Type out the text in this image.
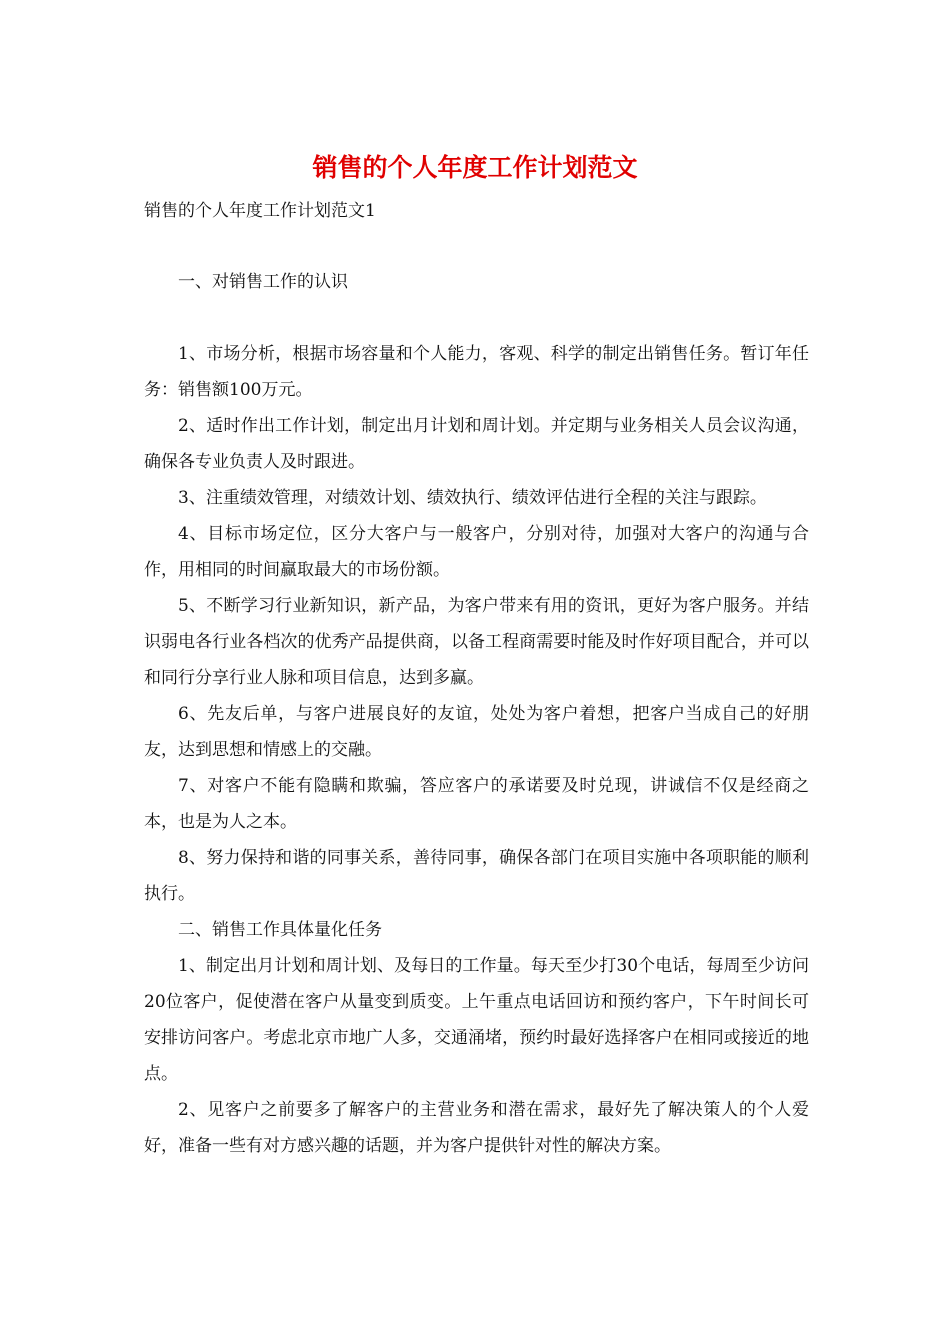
销售的个人年度工作计划范文

销售的个人年度工作计划范文1

一、对销售工作的认识

1、市场分析，根据市场容量和个人能力，客观、科学的制定出销售任务。暂订年任务：销售额100万元。

2、适时作出工作计划，制定出月计划和周计划。并定期与业务相关人员会议沟通，确保各专业负责人及时跟进。

3、注重绩效管理，对绩效计划、绩效执行、绩效评估进行全程的关注与跟踪。

4、目标市场定位，区分大客户与一般客户，分别对待，加强对大客户的沟通与合作，用相同的时间赢取最大的市场份额。

5、不断学习行业新知识，新产品，为客户带来有用的资讯，更好为客户服务。并结识弱电各行业各档次的优秀产品提供商，以备工程商需要时能及时作好项目配合，并可以和同行分享行业人脉和项目信息，达到多赢。

6、先友后单，与客户进展良好的友谊，处处为客户着想，把客户当成自己的好朋友，达到思想和情感上的交融。

7、对客户不能有隐瞒和欺骗，答应客户的承诺要及时兑现，讲诚信不仅是经商之本，也是为人之本。

8、努力保持和谐的同事关系，善待同事，确保各部门在项目实施中各项职能的顺利执行。

二、销售工作具体量化任务

1、制定出月计划和周计划、及每日的工作量。每天至少打30个电话，每周至少访问20位客户，促使潜在客户从量变到质变。上午重点电话回访和预约客户，下午时间长可安排访问客户。考虑北京市地广人多，交通涌堵，预约时最好选择客户在相同或接近的地点。

2、见客户之前要多了解客户的主营业务和潜在需求，最好先了解决策人的个人爱好，准备一些有对方感兴趣的话题，并为客户提供针对性的解决方案。
